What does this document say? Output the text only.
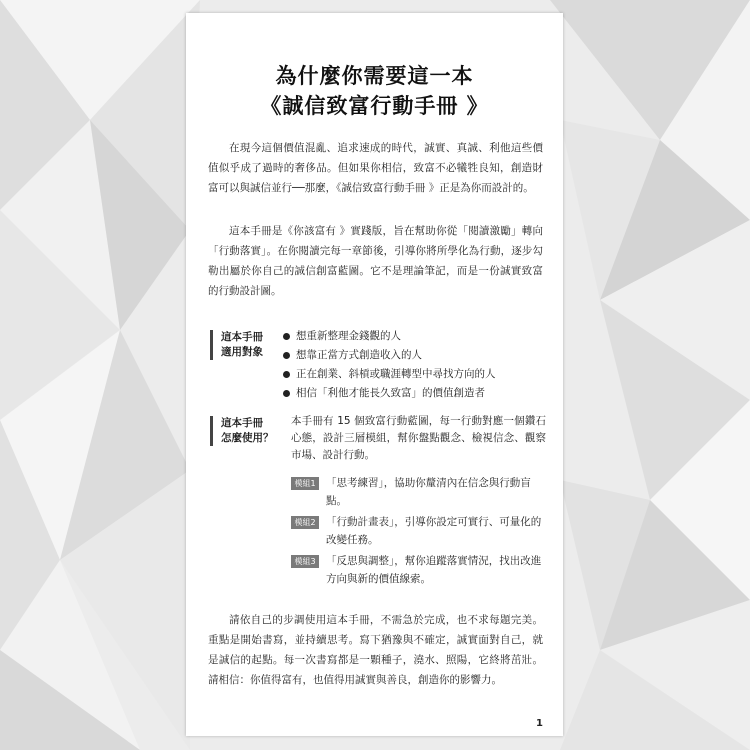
為什麼你需要這一本
《誠信致富行動手冊 》

在現今這個價值混亂、追求速成的時代，誠實、真誠、利他這些價值似乎成了過時的奢侈品。但如果你相信，致富不必犧牲良知，創造財富可以與誠信並行──那麼，《誠信致富行動手冊 》正是為你而設計的。

這本手冊是《你該富有 》實踐版，旨在幫助你從「閱讀激勵」轉向「行動落實」。在你閱讀完每一章節後，引導你將所學化為行動，逐步勾勒出屬於你自己的誠信創富藍圖。它不是理論筆記，而是一份誠實致富的行動設計圖。

這本手冊
適用對象
想重新整理金錢觀的人
想靠正當方式創造收入的人
正在創業、斜槓或職涯轉型中尋找方向的人
相信「利他才能長久致富」的價值創造者
這本手冊
怎麼使用？

本手冊有 15 個致富行動藍圖，每一行動對應一個鑽石心態，設計三層模組，幫你盤點觀念、檢視信念、觀察市場、設計行動。

模組1 「思考練習」，協助你釐清內在信念與行動盲點。

模組2 「行動計畫表」，引導你設定可實行、可量化的改變任務。

模組3 「反思與調整」，幫你追蹤落實情況，找出改進方向與新的價值線索。

請依自己的步調使用這本手冊，不需急於完成，也不求每題完美。重點是開始書寫，並持續思考。寫下猶豫與不確定，誠實面對自己，就是誠信的起點。每一次書寫都是一顆種子，澆水、照陽，它終將茁壯。請相信：你值得富有，也值得用誠實與善良，創造你的影響力。

1
